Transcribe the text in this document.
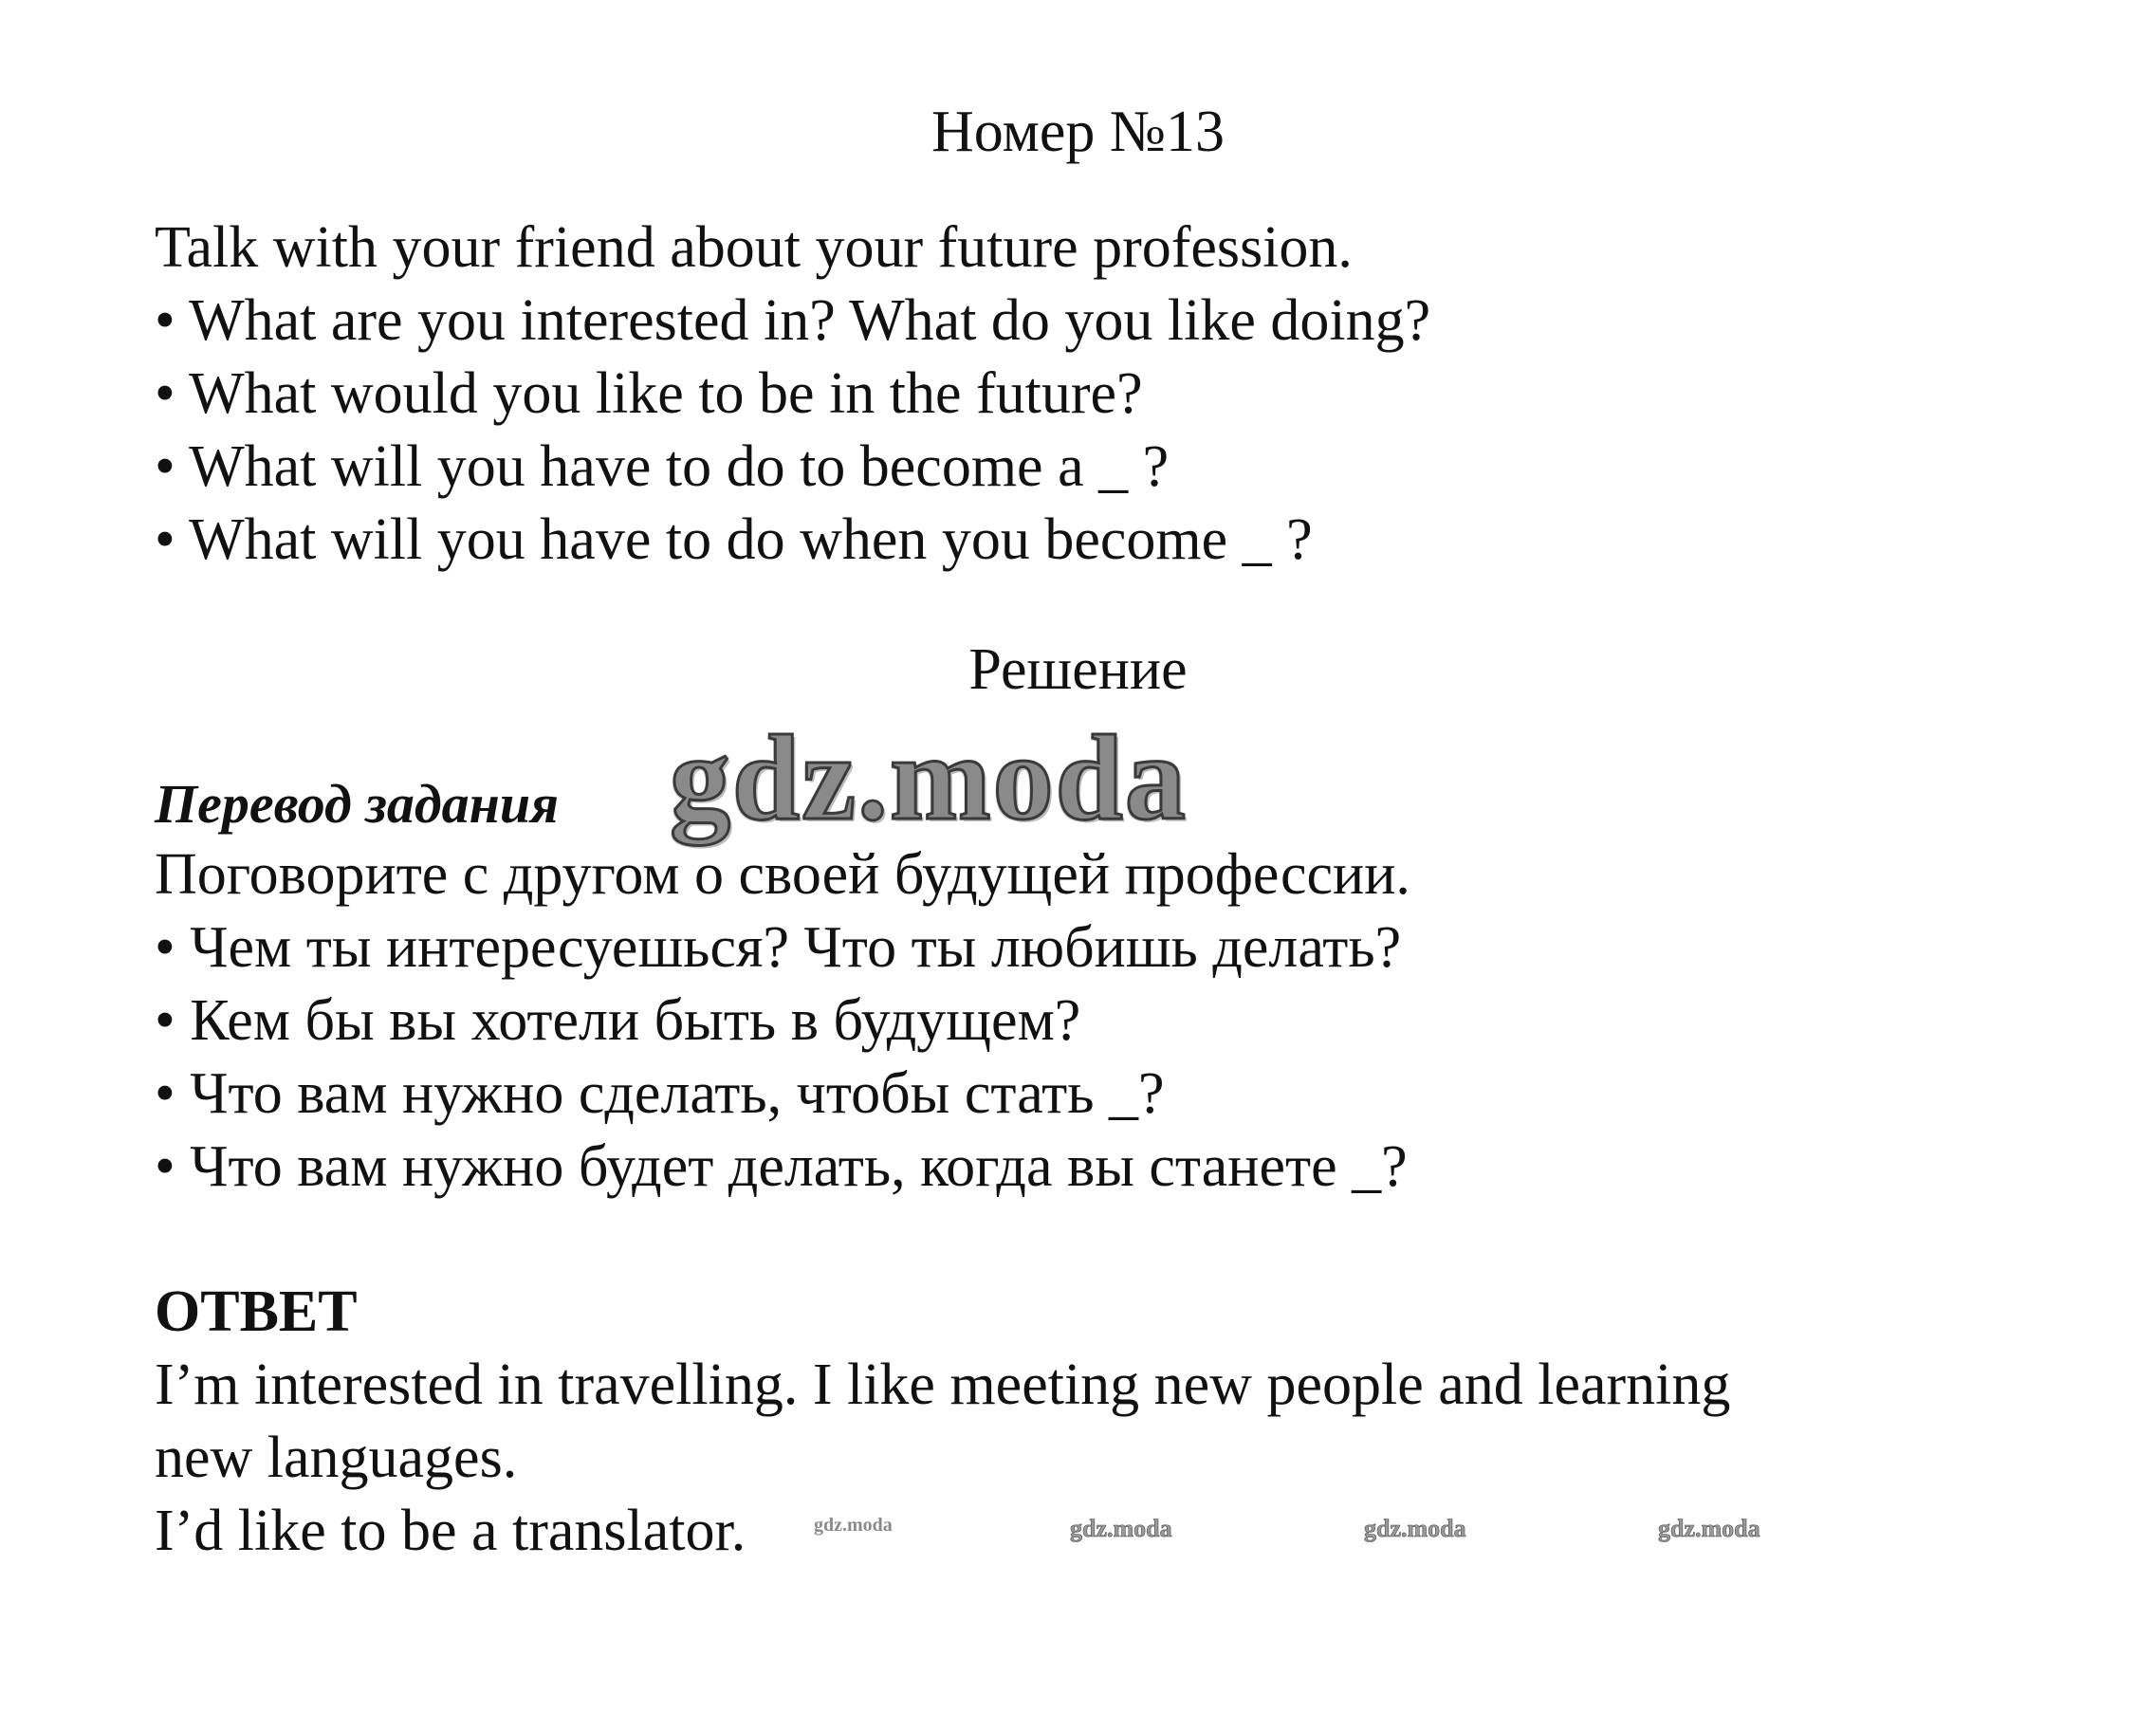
Номер №13
Talk with your friend about your future profession.
• What are you interested in? What do you like doing?
• What would you like to be in the future?
• What will you have to do to become a _ ?
• What will you have to do when you become _ ?
Решение
Перевод задания gdz.moda
Поговорите с другом о своей будущей профессии.
• Чем ты интересуешься? Что ты любишь делать?
• Кем бы вы хотели быть в будущем?
• Что вам нужно сделать, чтобы стать _?
• Что вам нужно будет делать, когда вы станете _?
ОТВЕТ
I’m interested in travelling. I like meeting new people and learning
new languages.
I’d like to be a translator.	gdz.moda	gdz.moda	gdz.moda	gdz.moda
